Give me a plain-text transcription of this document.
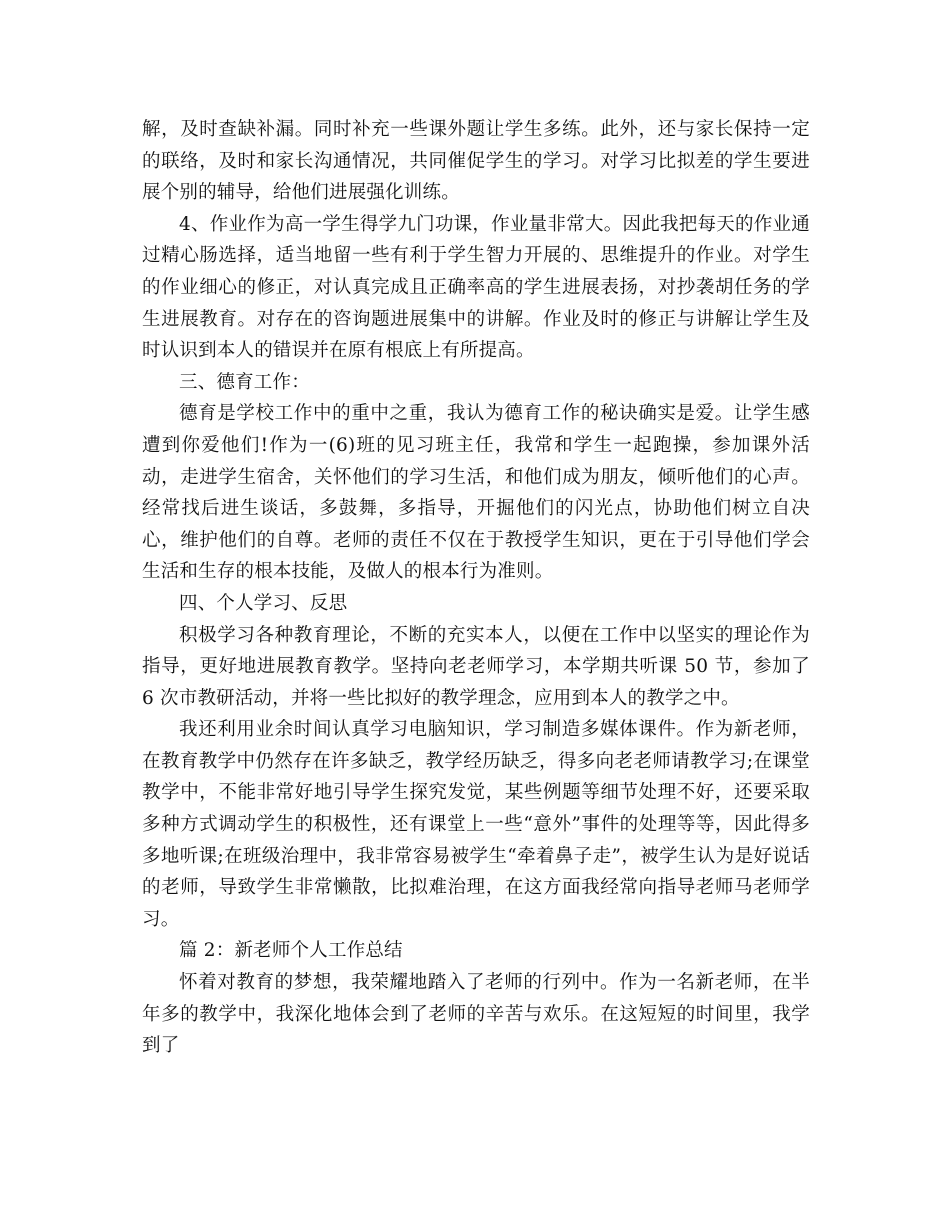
解，及时查缺补漏。同时补充一些课外题让学生多练。此外，还与家长保持一定的联络，及时和家长沟通情况，共同催促学生的学习。对学习比拟差的学生要进展个别的辅导，给他们进展强化训练。

4、作业作为高一学生得学九门功课，作业量非常大。因此我把每天的作业通过精心肠选择，适当地留一些有利于学生智力开展的、思维提升的作业。对学生的作业细心的修正，对认真完成且正确率高的学生进展表扬，对抄袭胡任务的学生进展教育。对存在的咨询题进展集中的讲解。作业及时的修正与讲解让学生及时认识到本人的错误并在原有根底上有所提高。

三、德育工作：

德育是学校工作中的重中之重，我认为德育工作的秘诀确实是爱。让学生感遭到你爱他们!作为一(6)班的见习班主任，我常和学生一起跑操，参加课外活动，走进学生宿舍，关怀他们的学习生活，和他们成为朋友，倾听他们的心声。经常找后进生谈话，多鼓舞，多指导，开掘他们的闪光点，协助他们树立自决心，维护他们的自尊。老师的责任不仅在于教授学生知识，更在于引导他们学会生活和生存的根本技能，及做人的根本行为准则。

四、个人学习、反思

积极学习各种教育理论，不断的充实本人，以便在工作中以坚实的理论作为指导，更好地进展教育教学。坚持向老老师学习，本学期共听课 50 节，参加了 6 次市教研活动，并将一些比拟好的教学理念，应用到本人的教学之中。

我还利用业余时间认真学习电脑知识，学习制造多媒体课件。作为新老师，在教育教学中仍然存在许多缺乏，教学经历缺乏，得多向老老师请教学习;在课堂教学中，不能非常好地引导学生探究发觉，某些例题等细节处理不好，还要采取多种方式调动学生的积极性，还有课堂上一些“意外”事件的处理等等，因此得多多地听课;在班级治理中，我非常容易被学生“牵着鼻子走”，被学生认为是好说话的老师，导致学生非常懒散，比拟难治理，在这方面我经常向指导老师马老师学习。

篇 2：新老师个人工作总结

怀着对教育的梦想，我荣耀地踏入了老师的行列中。作为一名新老师，在半年多的教学中，我深化地体会到了老师的辛苦与欢乐。在这短短的时间里，我学到了
